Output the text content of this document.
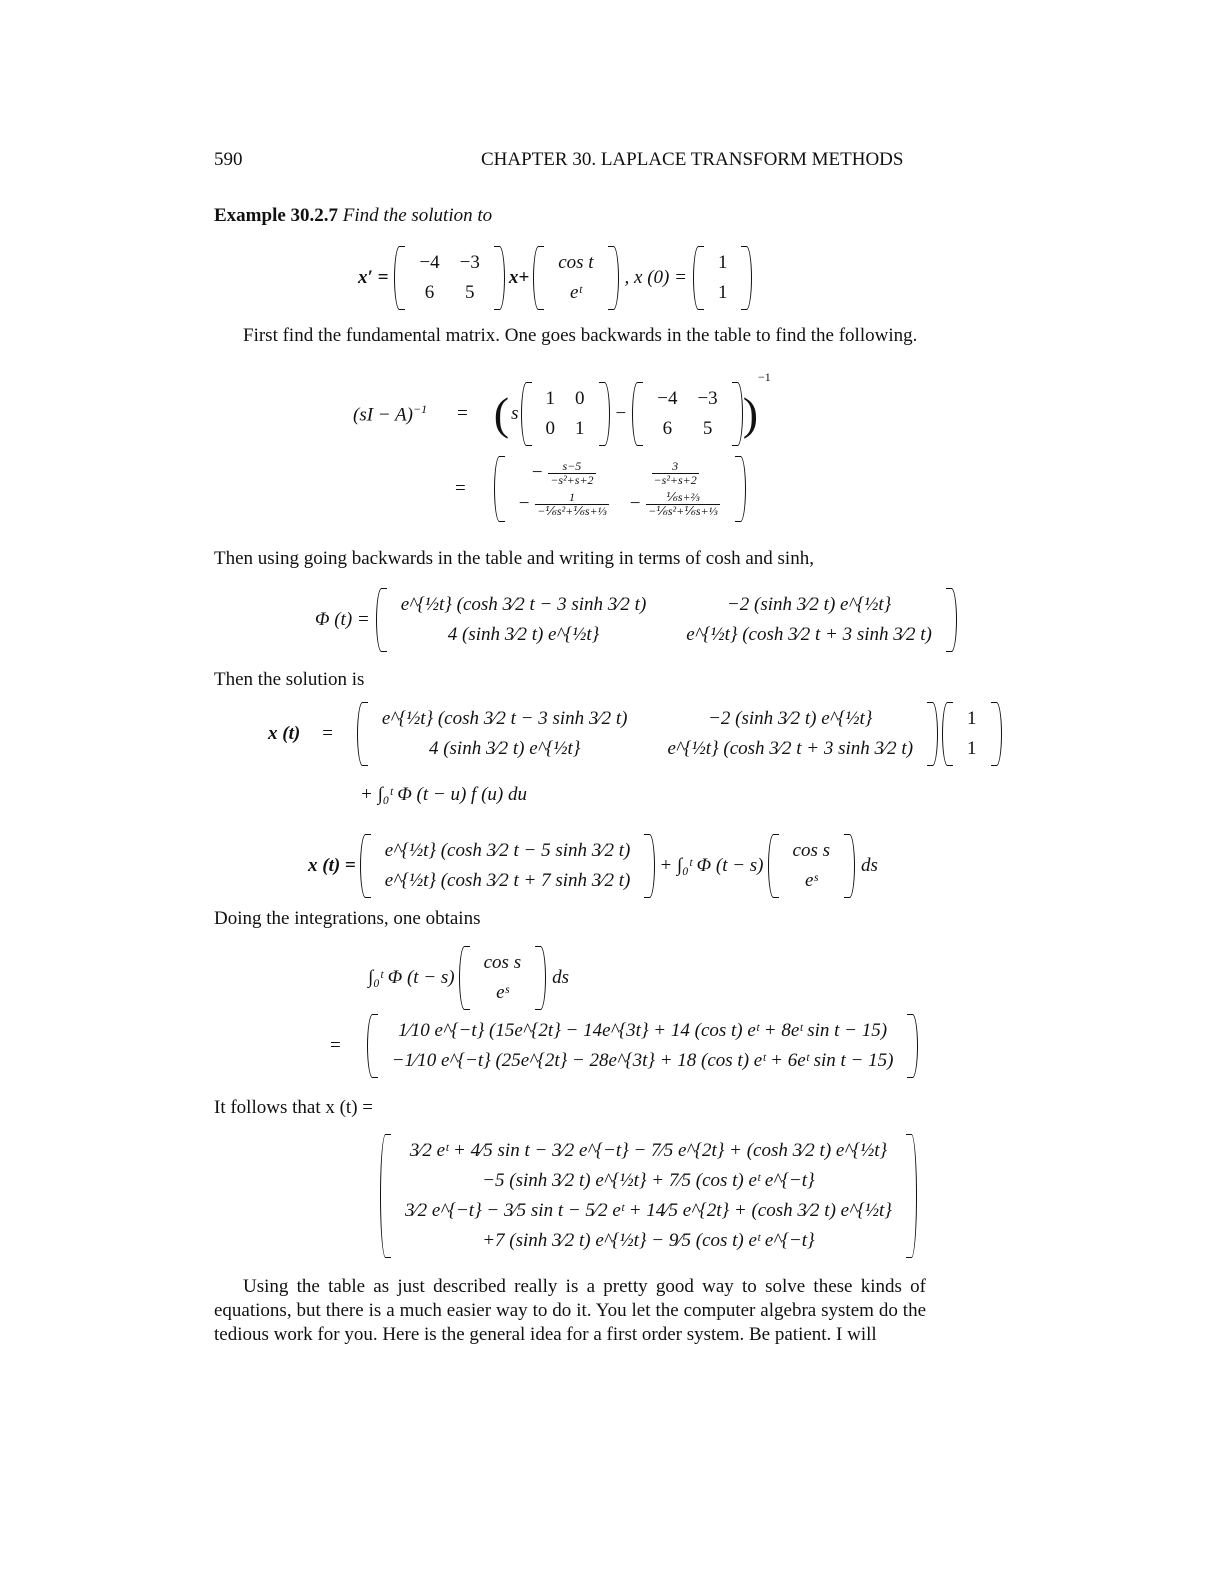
590	CHAPTER 30. LAPLACE TRANSFORM METHODS
Example 30.2.7 Find the solution to
x′ =
−4	−3
6	5
x+
cos t
eᵗ
, x (0) =
1
1
First find the fundamental matrix. One goes backwards in the table to find the following.
(sI − A)$^{-1}$ = ( s
1	0
0	1
−
−4	−3
6	5 )
−1
=
− $\frac{s-5}{\text{−s²+s+2}}$	$\frac{3}{\text{−s²+s+2}}$

− $\frac{1}{\text{−⅙s²+⅙s+⅓}}$	− $\frac{\text{⅙s+⅔}}{\text{−⅙s²+⅙s+⅓}}$
Then using going backwards in the table and writing in terms of cosh and sinh,
Φ (t) =
e^{½t} (cosh 3⁄2 t − 3 sinh 3⁄2 t)	−2 (sinh 3⁄2 t) e^{½t}
4 (sinh 3⁄2 t) e^{½t}	e^{½t} (cosh 3⁄2 t + 3 sinh 3⁄2 t)
Then the solution is
x (t) =
e^{½t} (cosh 3⁄2 t − 3 sinh 3⁄2 t)	−2 (sinh 3⁄2 t) e^{½t}
4 (sinh 3⁄2 t) e^{½t}	e^{½t} (cosh 3⁄2 t + 3 sinh 3⁄2 t)
1
1
+ ∫₀ᵗ Φ (t − u) f (u) du
x (t) =
e^{½t} (cosh 3⁄2 t − 5 sinh 3⁄2 t)
e^{½t} (cosh 3⁄2 t + 7 sinh 3⁄2 t)
+ ∫₀ᵗ Φ (t − s)
cos s
eˢ
ds
Doing the integrations, one obtains
∫₀ᵗ Φ (t − s)
cos s
eˢ
ds
=
1⁄10 e^{−t} (15e^{2t} − 14e^{3t} + 14 (cos t) eᵗ + 8eᵗ sin t − 15)
−1⁄10 e^{−t} (25e^{2t} − 28e^{3t} + 18 (cos t) eᵗ + 6eᵗ sin t − 15)
It follows that x (t) =
3⁄2 eᵗ + 4⁄5 sin t − 3⁄2 e^{−t} − 7⁄5 e^{2t} + (cosh 3⁄2 t) e^{½t}
−5 (sinh 3⁄2 t) e^{½t} + 7⁄5 (cos t) eᵗ e^{−t}
3⁄2 e^{−t} − 3⁄5 sin t − 5⁄2 eᵗ + 14⁄5 e^{2t} + (cosh 3⁄2 t) e^{½t}
+7 (sinh 3⁄2 t) e^{½t} − 9⁄5 (cos t) eᵗ e^{−t}
Using the table as just described really is a pretty good way to solve these kinds of equations, but there is a much easier way to do it. You let the computer algebra system do the tedious work for you. Here is the general idea for a first order system. Be patient. I will
